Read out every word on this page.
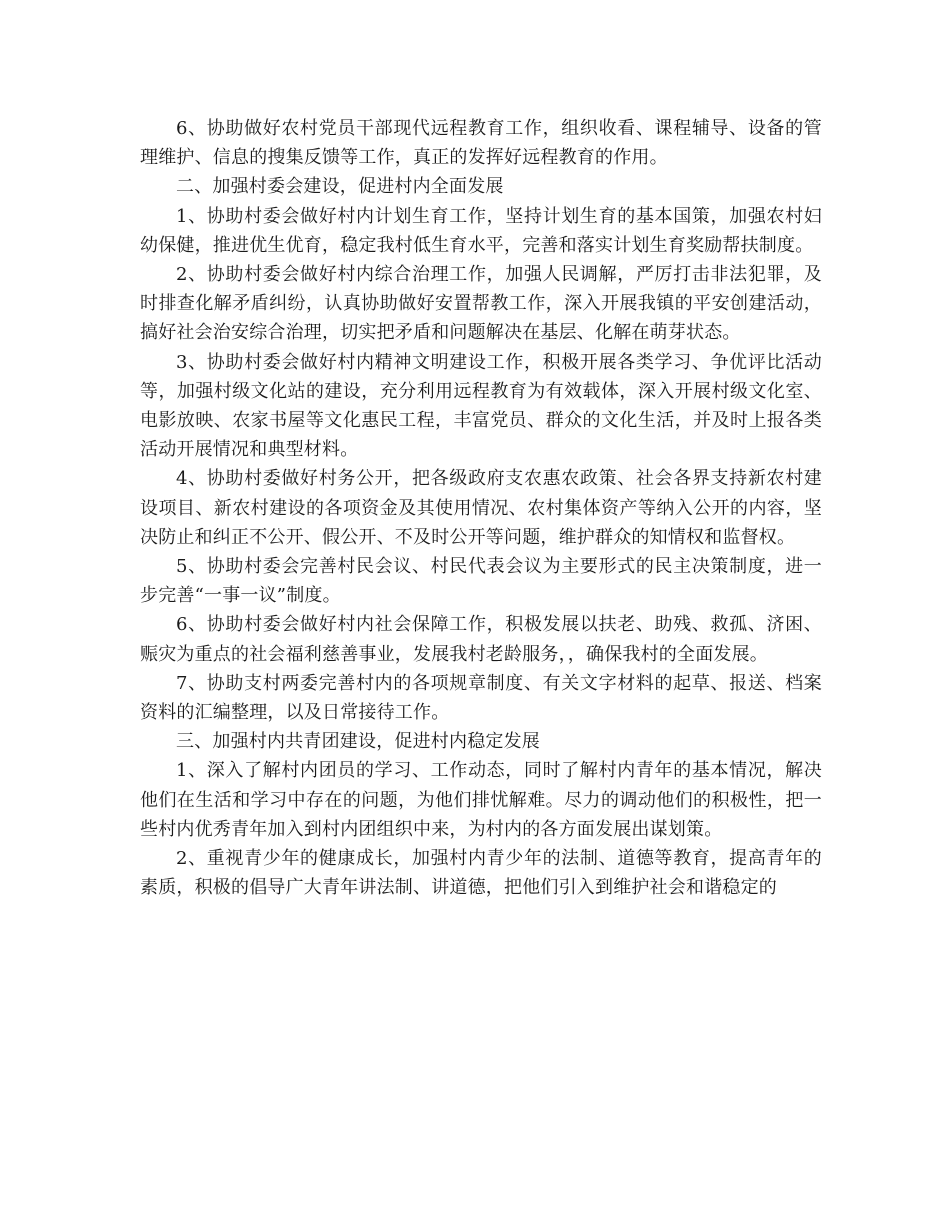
6、协助做好农村党员干部现代远程教育工作，组织收看、课程辅导、设备的管理维护、信息的搜集反馈等工作，真正的发挥好远程教育的作用。

二、加强村委会建设，促进村内全面发展

1、协助村委会做好村内计划生育工作，坚持计划生育的基本国策，加强农村妇幼保健，推进优生优育，稳定我村低生育水平，完善和落实计划生育奖励帮扶制度。

2、协助村委会做好村内综合治理工作，加强人民调解，严厉打击非法犯罪，及时排查化解矛盾纠纷，认真协助做好安置帮教工作，深入开展我镇的平安创建活动，搞好社会治安综合治理，切实把矛盾和问题解决在基层、化解在萌芽状态。

3、协助村委会做好村内精神文明建设工作，积极开展各类学习、争优评比活动等，加强村级文化站的建设，充分利用远程教育为有效载体，深入开展村级文化室、电影放映、农家书屋等文化惠民工程，丰富党员、群众的文化生活，并及时上报各类活动开展情况和典型材料。

4、协助村委做好村务公开，把各级政府支农惠农政策、社会各界支持新农村建设项目、新农村建设的各项资金及其使用情况、农村集体资产等纳入公开的内容，坚决防止和纠正不公开、假公开、不及时公开等问题，维护群众的知情权和监督权。

5、协助村委会完善村民会议、村民代表会议为主要形式的民主决策制度，进一步完善“一事一议”制度。

6、协助村委会做好村内社会保障工作，积极发展以扶老、助残、救孤、济困、赈灾为重点的社会福利慈善事业，发展我村老龄服务，，确保我村的全面发展。

7、协助支村两委完善村内的各项规章制度、有关文字材料的起草、报送、档案资料的汇编整理，以及日常接待工作。

三、加强村内共青团建设，促进村内稳定发展

1、深入了解村内团员的学习、工作动态，同时了解村内青年的基本情况，解决他们在生活和学习中存在的问题，为他们排忧解难。尽力的调动他们的积极性，把一些村内优秀青年加入到村内团组织中来，为村内的各方面发展出谋划策。

2、重视青少年的健康成长，加强村内青少年的法制、道德等教育，提高青年的素质，积极的倡导广大青年讲法制、讲道德，把他们引入到维护社会和谐稳定的
